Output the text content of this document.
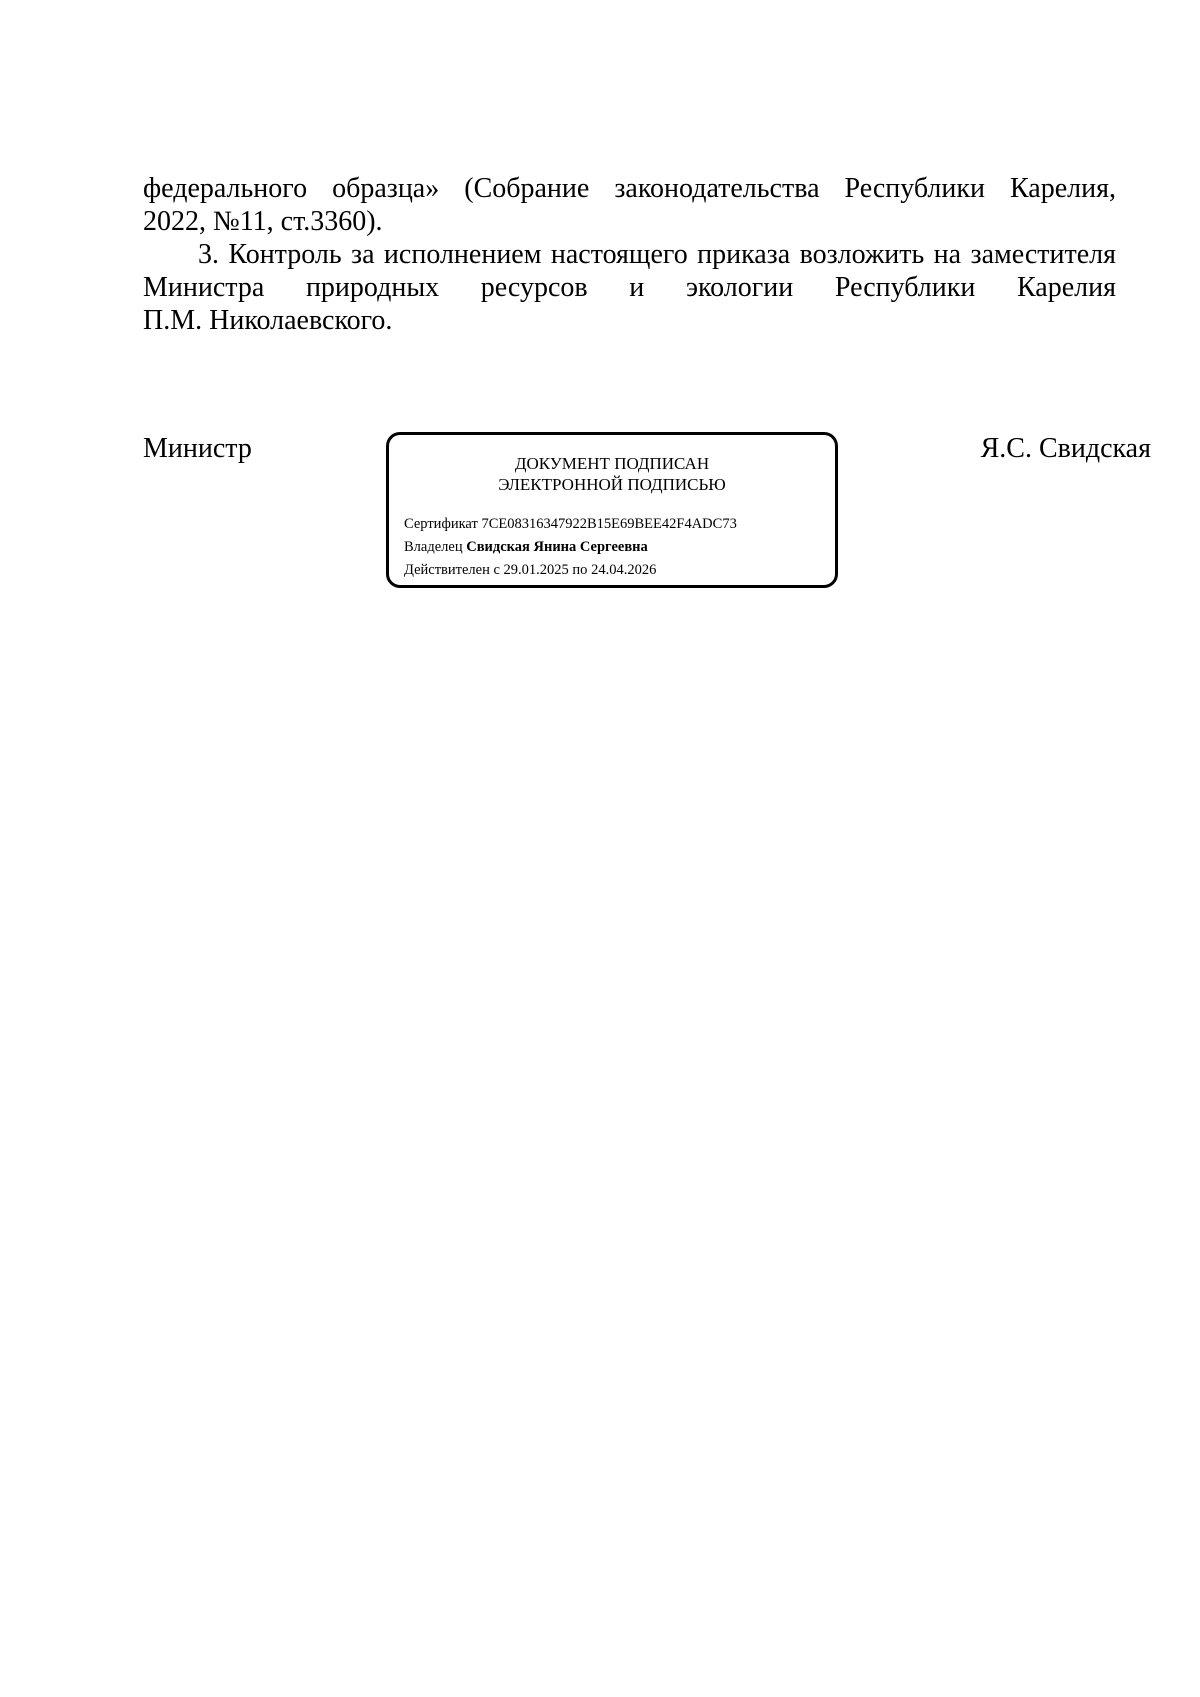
федерального образца» (Собрание законодательства Республики Карелия,
2022, №11, ст.3360).

3. Контроль за исполнением настоящего приказа возложить на заместителя
Министра природных ресурсов и экологии Республики Карелия
П.М. Николаевского.

Министр	ДОКУМЕНТ ПОДПИСАН
ЭЛЕКТРОННОЙ ПОДПИСЬЮ
Сертификат 7CE08316347922B15E69BEE42F4ADC73
Владелец Свидская Янина Сергеевна
Действителен с 29.01.2025 по 24.04.2026
Я.С. Свидская
